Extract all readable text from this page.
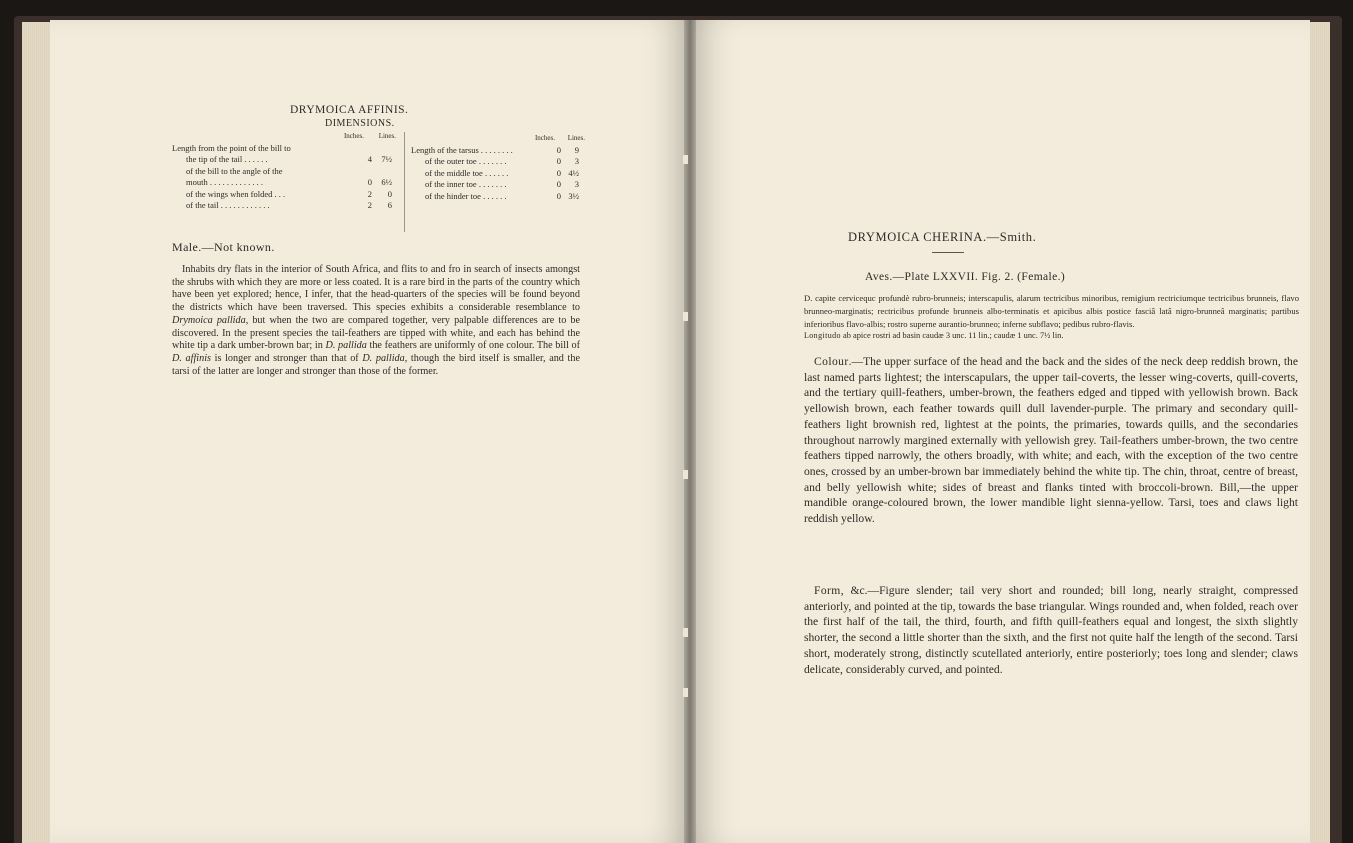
DRYMOICA AFFINIS.
DIMENSIONS.
Inches. Lines.
Length from the point of the bill to
the tip of the tail . . . . . .	4 7½
of the bill to the angle of the
mouth . . . . . . . . . . . . .	0 6½
of the wings when folded . . .	2 0
of the tail . . . . . . . . . . . .	2 6
Inches. Lines.
Length of the tarsus . . . . . . . .	0 9
of the outer toe . . . . . . .	0 3
of the middle toe . . . . . .	0 4½
of the inner toe . . . . . . .	0 3
of the hinder toe . . . . . .	0 3½
Male.—Not known.
Inhabits dry flats in the interior of South Africa, and flits to and fro in search of insects amongst the shrubs with which they are more or less coated. It is a rare bird in the parts of the country which have been yet explored; hence, I infer, that the head-quarters of the species will be found beyond the districts which have been traversed. This species exhibits a considerable resemblance to Drymoica pallida, but when the two are compared together, very palpable differences are to be discovered. In the present species the tail-feathers are tipped with white, and each has behind the white tip a dark umber-brown bar; in D. pallida the feathers are uniformly of one colour. The bill of D. affinis is longer and stronger than that of D. pallida, though the bird itself is smaller, and the tarsi of the latter are longer and stronger than those of the former.
DRYMOICA CHERINA.—Smith.
Aves.—Plate LXXVII. Fig. 2. (Female.)
D. capite cervicequc profundè rubro-brunneis; interscapulis, alarum tectricibus minoribus, remigium rectriciumque tectricibus brunneis, flavo brunneo-marginatis; rectricibus profunde brunneis albo-terminatis et apicibus albis postice fasciâ latâ nigro-brunneâ marginatis; partibus inferioribus flavo-albis; rostro superne aurantio-brunneo; inferne subflavo; pedibus rubro-flavis.
Longitudo ab apice rostri ad basin caudæ 3 unc. 11 lin.; caudæ 1 unc. 7½ lin.
Colour.—The upper surface of the head and the back and the sides of the neck deep reddish brown, the last named parts lightest; the interscapulars, the upper tail-coverts, the lesser wing-coverts, quill-coverts, and the tertiary quill-feathers, umber-brown, the feathers edged and tipped with yellowish brown. Back yellowish brown, each feather towards quill dull lavender-purple. The primary and secondary quill-feathers light brownish red, lightest at the points, the primaries, towards quills, and the secondaries throughout narrowly margined externally with yellowish grey. Tail-feathers umber-brown, the two centre feathers tipped narrowly, the others broadly, with white; and each, with the exception of the two centre ones, crossed by an umber-brown bar immediately behind the white tip. The chin, throat, centre of breast, and belly yellowish white; sides of breast and flanks tinted with broccoli-brown. Bill,—the upper mandible orange-coloured brown, the lower mandible light sienna-yellow. Tarsi, toes and claws light reddish yellow.
Form, &c.—Figure slender; tail very short and rounded; bill long, nearly straight, compressed anteriorly, and pointed at the tip, towards the base triangular. Wings rounded and, when folded, reach over the first half of the tail, the third, fourth, and fifth quill-feathers equal and longest, the sixth slightly shorter, the second a little shorter than the sixth, and the first not quite half the length of the second. Tarsi short, moderately strong, distinctly scutellated anteriorly, entire posteriorly; toes long and slender; claws delicate, considerably curved, and pointed.
